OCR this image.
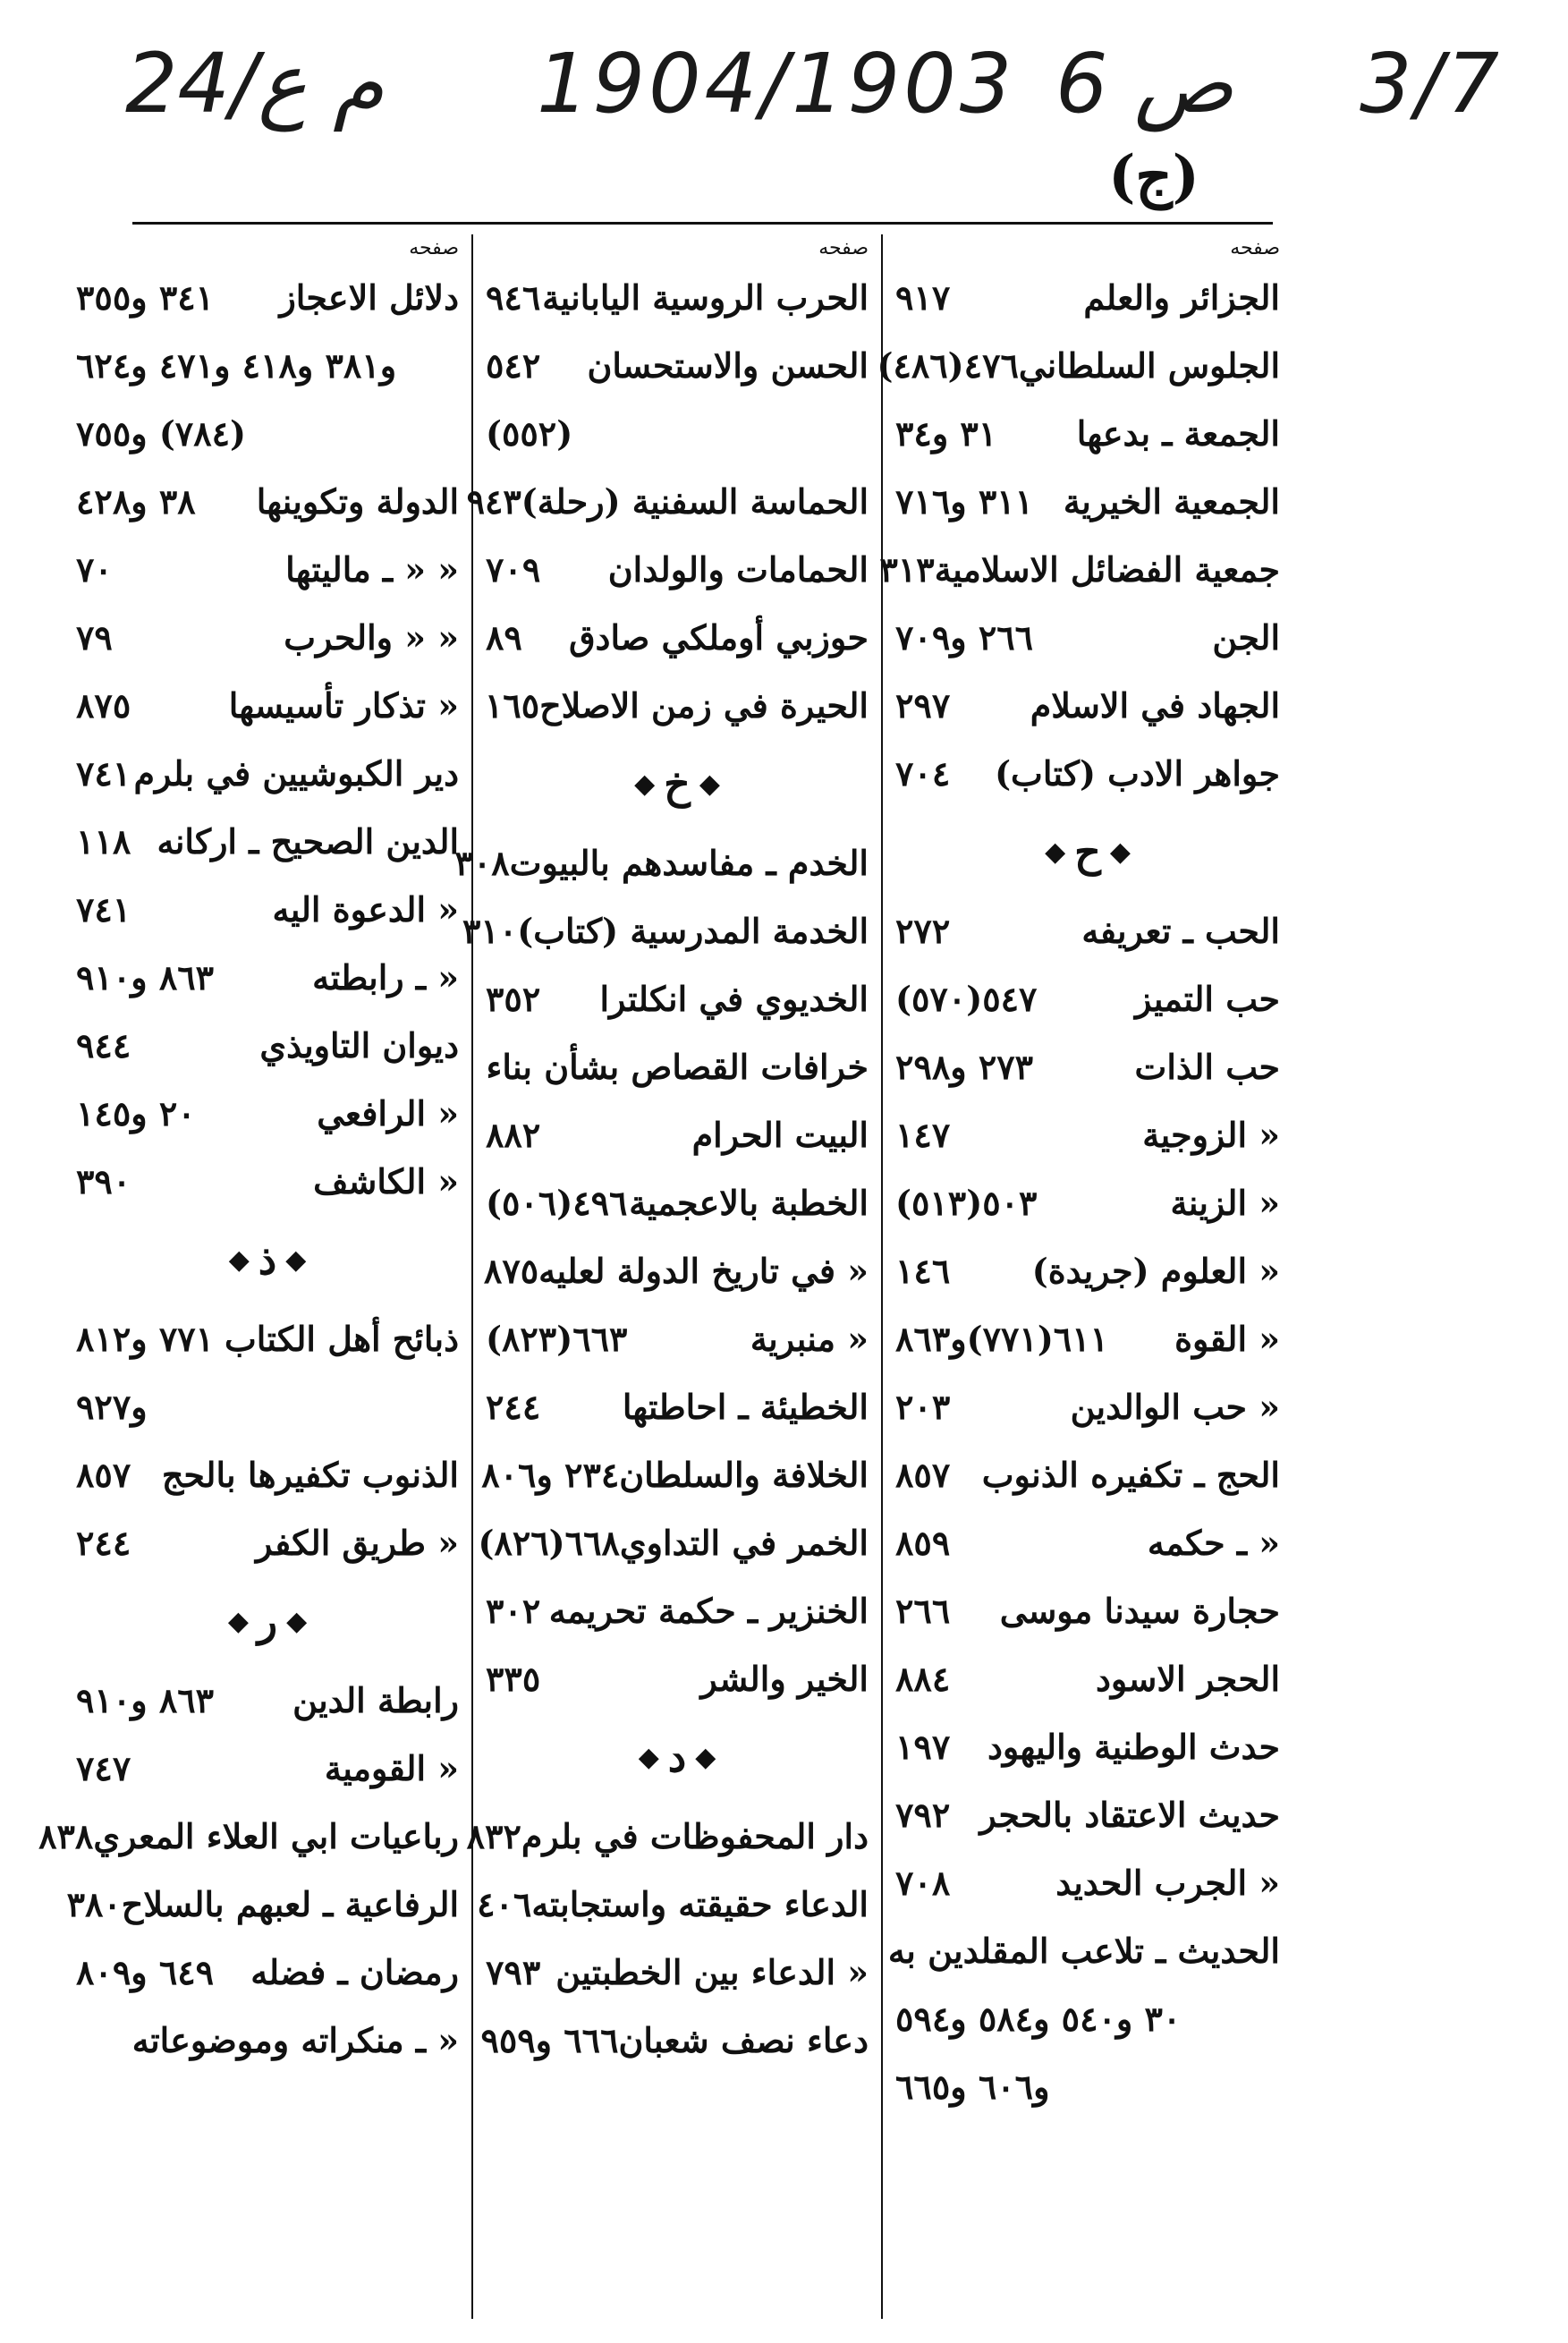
24/م ع 1904/1903 6 ص 3/7
(ج)
صفحه
الجزائر والعلم
٩١٧
الجلوس السلطاني
٤٧٦(٤٨٦)
الجمعة ـ بدعها
٣١ و٣٤
الجمعية الخيرية
٣١١ و٧١٦
جمعية الفضائل الاسلامية
٣١٣
الجن
٢٦٦ و٧٠٩
الجهاد في الاسلام
٢٩٧
جواهر الادب (كتاب)
٧٠٤
◆
ح
◆
الحب ـ تعريفه
٢٧٢
حب التميز
٥٤٧(٥٧٠)
حب الذات
٢٧٣ و٢٩٨
« الزوجية
١٤٧
« الزينة
٥٠٣(٥١٣)
« العلوم (جريدة)
١٤٦
« القوة
٦١١(٧٧١)و٨٦٣
« حب الوالدين
٢٠٣
الحج ـ تكفيره الذنوب
٨٥٧
« ـ حكمه
٨٥٩
حجارة سيدنا موسى
٢٦٦
الحجر الاسود
٨٨٤
حدث الوطنية واليهود
١٩٧
حديث الاعتقاد بالحجر
٧٩٢
« الجرب الحديد
٧٠٨
الحديث ـ تلاعب المقلدين به
٣٠ و٥٤٠ و٥٨٤ و٥٩٤
و٦٠٦ و٦٦٥
صفحه
الحرب الروسية اليابانية
٩٤٦
الحسن والاستحسان
٥٤٢
(٥٥٢)
الحماسة السفنية (رحلة)
٩٤٣
الحمامات والولدان
٧٠٩
حوزبي أوملكي صادق
٨٩
الحيرة في زمن الاصلاح
١٦٥
◆
خ
◆
الخدم ـ مفاسدهم بالبيوت
٣٠٨
الخدمة المدرسية (كتاب)
٣١٠
الخديوي في انكلترا
٣٥٢
خرافات القصاص بشأن بناء
البيت الحرام
٨٨٢
الخطبة بالاعجمية
٤٩٦(٥٠٦)
« في تاريخ الدولة لعليه
٨٧٥
« منبرية
٦٦٣(٨٢٣)
الخطيئة ـ احاطتها
٢٤٤
الخلافة والسلطان
٢٣٤ و٨٠٦
الخمر في التداوي
٦٦٨(٨٢٦)
الخنزير ـ حكمة تحريمه
٣٠٢
الخير والشر
٣٣٥
◆
د
◆
دار المحفوظات في بلرم
٨٣٢
الدعاء حقيقته واستجابته
٤٠٦
« الدعاء بين الخطبتين
٧٩٣
دعاء نصف شعبان
٦٦٦ و٩٥٩
صفحه
دلائل الاعجاز
٣٤١ و٣٥٥
و٣٨١ و٤١٨ و٤٧١ و٦٢٤
(٧٨٤) و٧٥٥
الدولة وتكوينها
٣٨ و٤٢٨
« « ـ ماليتها
٧٠
« « والحرب
٧٩
« تذكار تأسيسها
٨٧٥
دير الكبوشيين في بلرم
٧٤١
الدين الصحيح ـ اركانه
١١٨
« الدعوة اليه
٧٤١
« ـ رابطته
٨٦٣ و٩١٠
ديوان التاويذي
٩٤٤
« الرافعي
٢٠ و١٤٥
« الكاشف
٣٩٠
◆
ذ
◆
ذبائح أهل الكتاب
٧٧١ و٨١٢
و٩٢٧
الذنوب تكفيرها بالحج
٨٥٧
« طريق الكفر
٢٤٤
◆
ر
◆
رابطة الدين
٨٦٣ و٩١٠
« القومية
٧٤٧
رباعيات ابي العلاء المعري
٨٣٨
الرفاعية ـ لعبهم بالسلاح
٣٨٠
رمضان ـ فضله
٦٤٩ و٨٠٩
« ـ منكراته وموضوعاته
